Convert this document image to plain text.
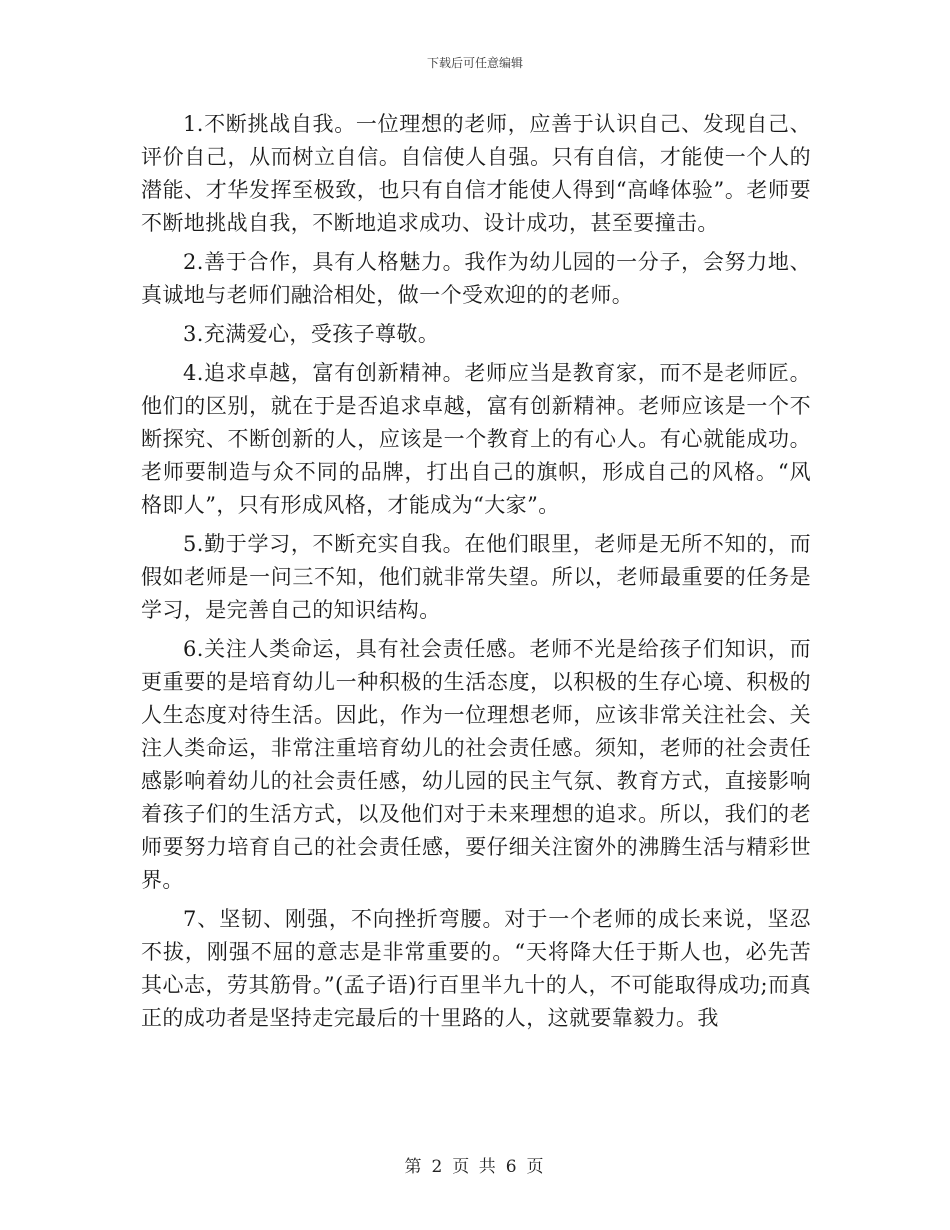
下载后可任意编辑

1.不断挑战自我。一位理想的老师，应善于认识自己、发现自己、评价自己，从而树立自信。自信使人自强。只有自信，才能使一个人的潜能、才华发挥至极致，也只有自信才能使人得到“高峰体验”。老师要不断地挑战自我，不断地追求成功、设计成功，甚至要撞击。

2.善于合作，具有人格魅力。我作为幼儿园的一分子，会努力地、真诚地与老师们融洽相处，做一个受欢迎的的老师。

3.充满爱心，受孩子尊敬。

4.追求卓越，富有创新精神。老师应当是教育家，而不是老师匠。他们的区别，就在于是否追求卓越，富有创新精神。老师应该是一个不断探究、不断创新的人，应该是一个教育上的有心人。有心就能成功。老师要制造与众不同的品牌，打出自己的旗帜，形成自己的风格。“风格即人”，只有形成风格，才能成为“大家”。

5.勤于学习，不断充实自我。在他们眼里，老师是无所不知的，而假如老师是一问三不知，他们就非常失望。所以，老师最重要的任务是学习，是完善自己的知识结构。

6.关注人类命运，具有社会责任感。老师不光是给孩子们知识，而更重要的是培育幼儿一种积极的生活态度，以积极的生存心境、积极的人生态度对待生活。因此，作为一位理想老师，应该非常关注社会、关注人类命运，非常注重培育幼儿的社会责任感。须知，老师的社会责任感影响着幼儿的社会责任感，幼儿园的民主气氛、教育方式，直接影响着孩子们的生活方式，以及他们对于未来理想的追求。所以，我们的老师要努力培育自己的社会责任感，要仔细关注窗外的沸腾生活与精彩世界。

7、坚韧、刚强，不向挫折弯腰。对于一个老师的成长来说，坚忍不拔，刚强不屈的意志是非常重要的。“天将降大任于斯人也，必先苦其心志，劳其筋骨。”(孟子语)行百里半九十的人，不可能取得成功;而真正的成功者是坚持走完最后的十里路的人，这就要靠毅力。我

第 2 页 共 6 页
